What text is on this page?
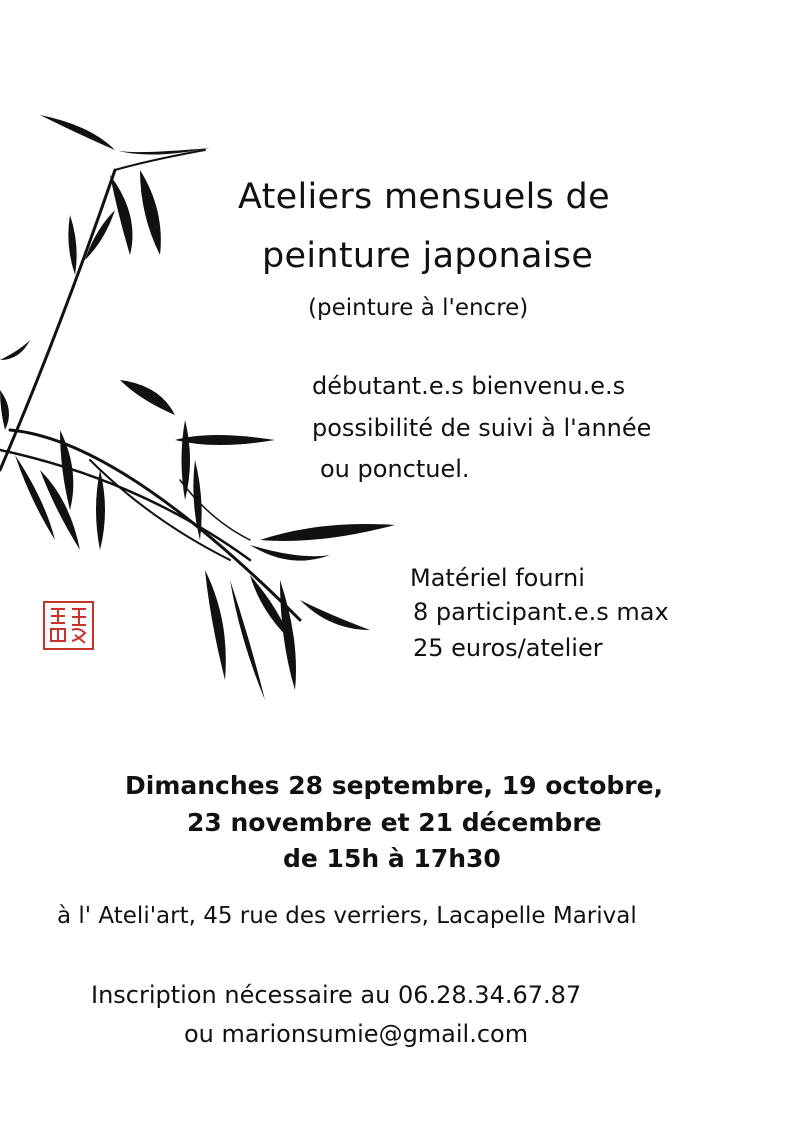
Ateliers mensuels de
peinture japonaise

(peinture à l'encre)

débutant.e.s bienvenu.e.s

possibilité de suivi à l'année

ou ponctuel.

Matériel fourni

8 participant.e.s max

25 euros/atelier

Dimanches 28 septembre, 19 octobre,

23 novembre et 21 décembre

de 15h à 17h30

à l' Ateli'art, 45 rue des verriers, Lacapelle Marival

Inscription nécessaire au 06.28.34.67.87

ou marionsumie@gmail.com
